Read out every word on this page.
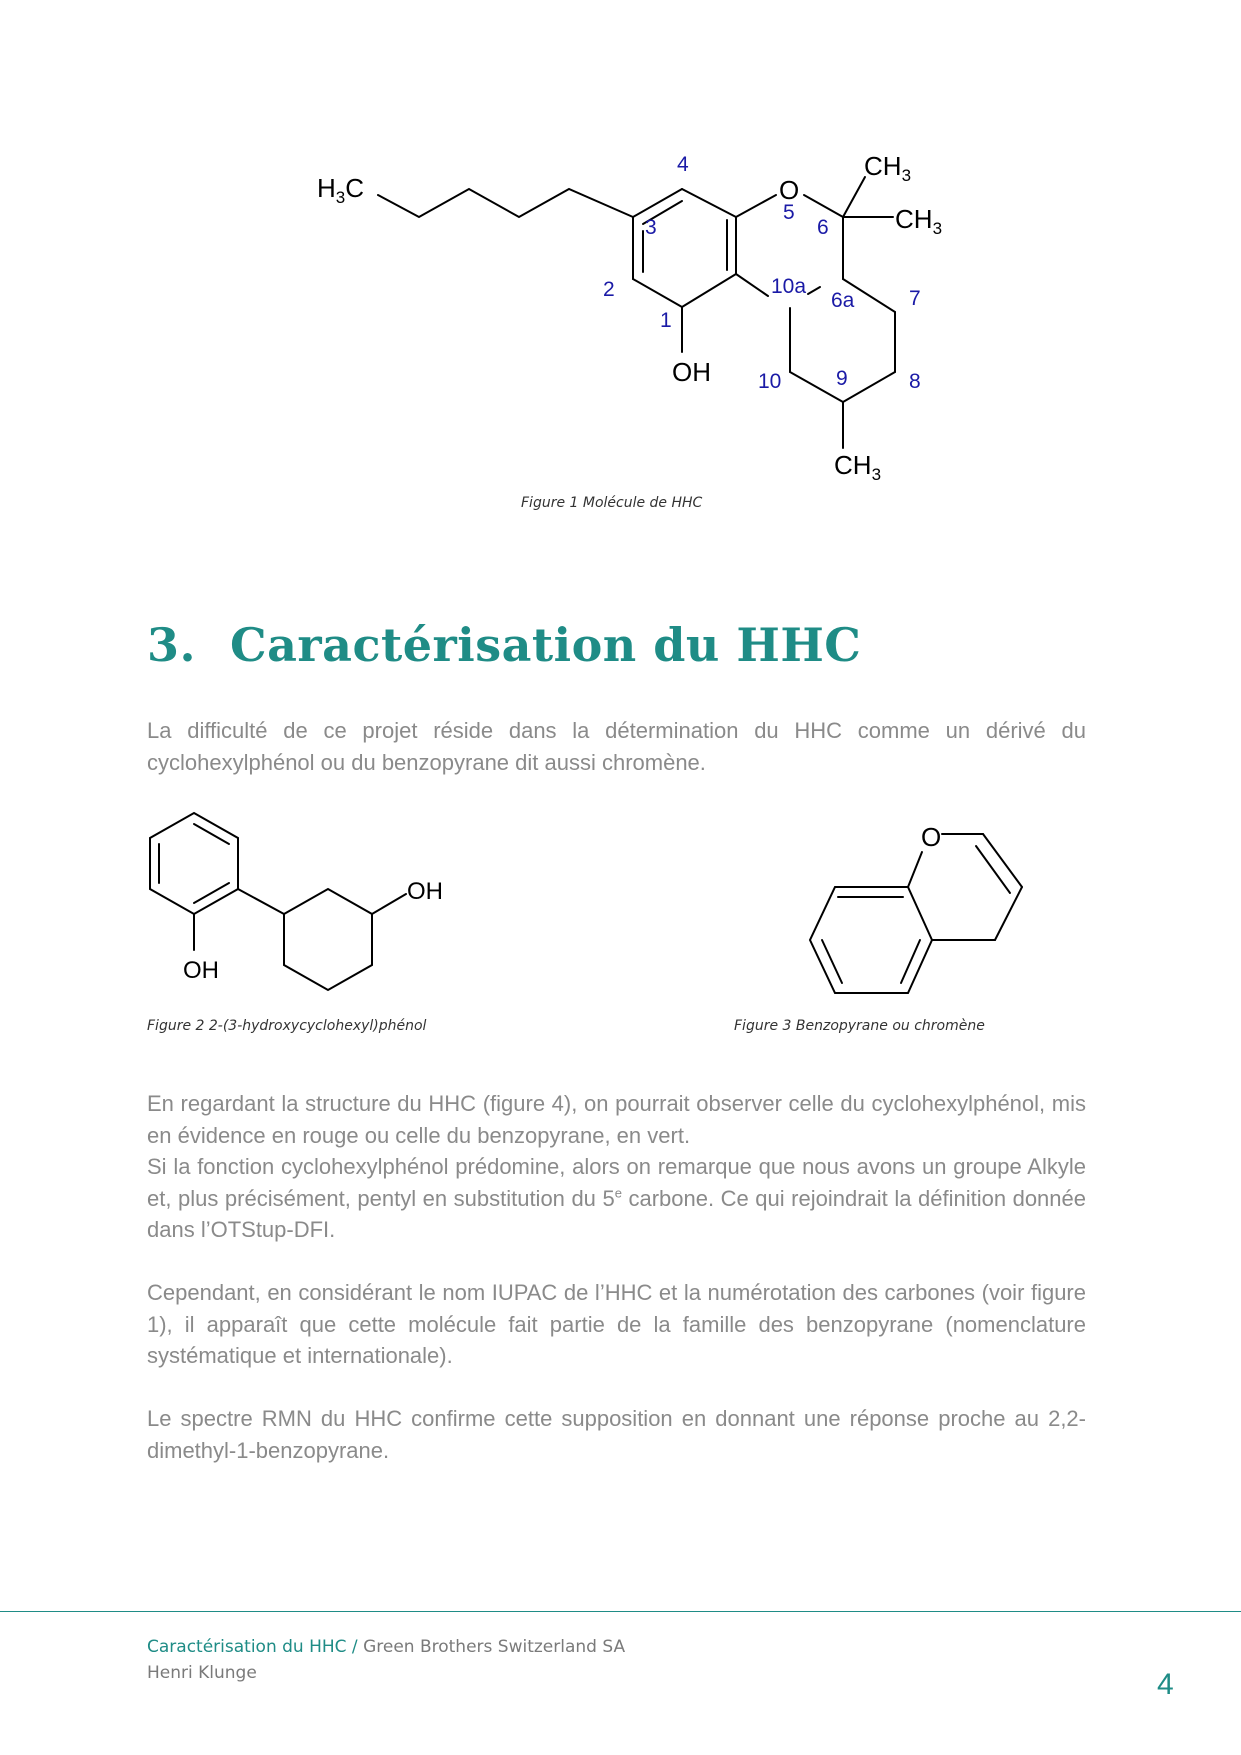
$H_3C$	O
$CH_3$
$CH_3$
OH
$CH_3$
4
3
2
1
5
6
10a
6a	7
8
9
10
Figure 1 Molécule de HHC
3. Caractérisation du HHC

La difficulté de ce projet réside dans la détermination du HHC comme un dérivé du cyclohexylphénol ou du benzopyrane dit aussi chromène.

OH
OH
Figure 2 2-(3-hydroxycyclohexyl)phénol
O
Figure 3 Benzopyrane ou chromène
En regardant la structure du HHC (figure 4), on pourrait observer celle du cyclohexylphénol, mis en évidence en rouge ou celle du benzopyrane, en vert.
Si la fonction cyclohexylphénol prédomine, alors on remarque que nous avons un groupe Alkyle et, plus précisément, pentyl en substitution du 5e carbone. Ce qui rejoindrait la définition donnée dans l’OTStup-DFI.

Cependant, en considérant le nom IUPAC de l’HHC et la numérotation des carbones (voir figure 1), il apparaît que cette molécule fait partie de la famille des benzopyrane (nomenclature systématique et internationale).

Le spectre RMN du HHC confirme cette supposition en donnant une réponse proche au 2,2-dimethyl-1-benzopyrane.

Caractérisation du HHC / Green Brothers Switzerland SA
Henri Klunge	4
